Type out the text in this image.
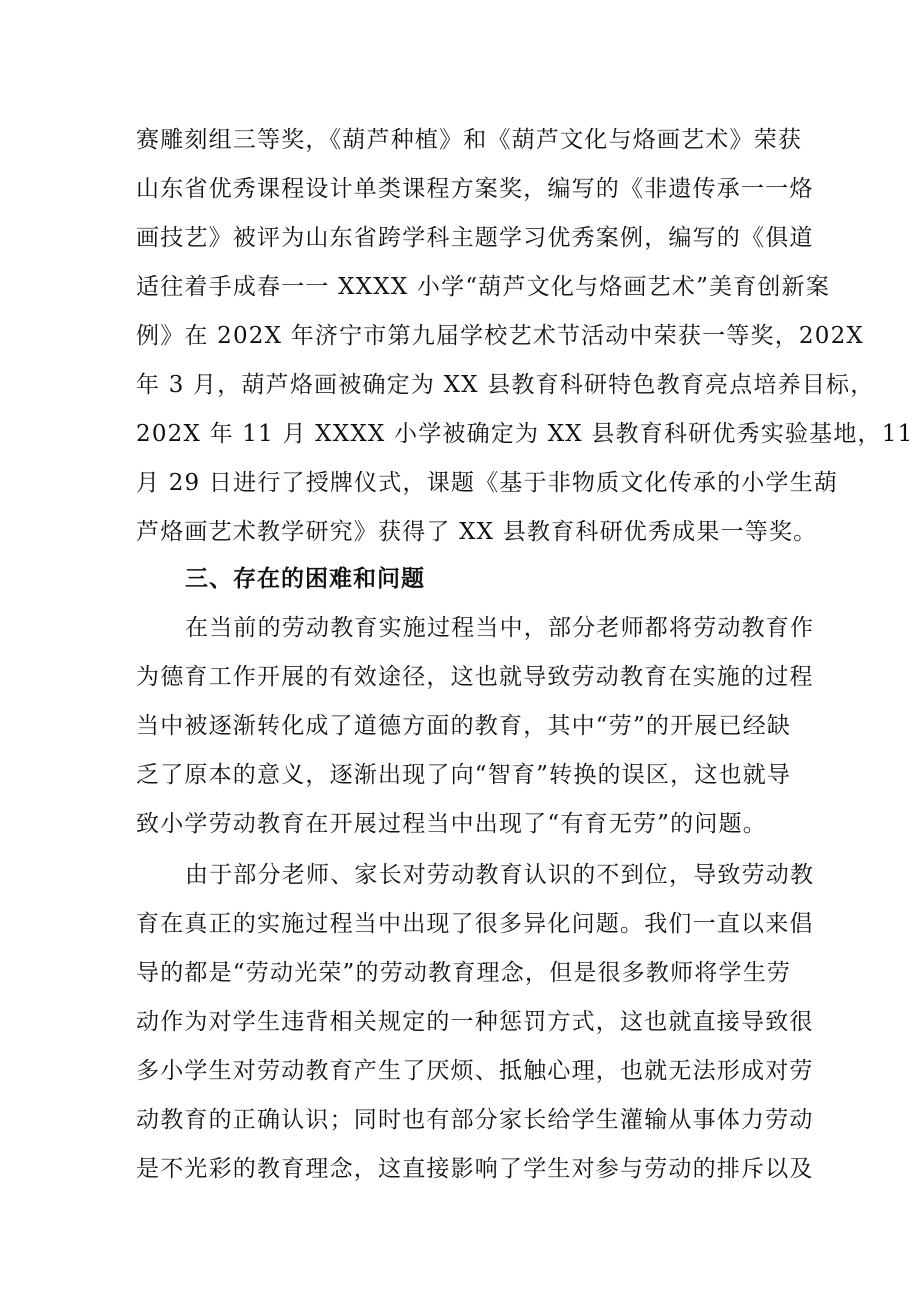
赛雕刻组三等奖，《葫芦种植》和《葫芦文化与烙画艺术》荣获
山东省优秀课程设计单类课程方案奖，编写的《非遗传承一一烙
画技艺》被评为山东省跨学科主题学习优秀案例，编写的《俱道
适往着手成春一一 XXXX 小学“葫芦文化与烙画艺术”美育创新案
例》在 202X 年济宁市第九届学校艺术节活动中荣获一等奖，202X
年 3 月，葫芦烙画被确定为 XX 县教育科研特色教育亮点培养目标，
202X 年 11 月 XXXX 小学被确定为 XX 县教育科研优秀实验基地，11
月 29 日进行了授牌仪式，课题《基于非物质文化传承的小学生葫
芦烙画艺术教学研究》获得了 XX 县教育科研优秀成果一等奖。
三、存在的困难和问题
在当前的劳动教育实施过程当中，部分老师都将劳动教育作
为德育工作开展的有效途径，这也就导致劳动教育在实施的过程
当中被逐渐转化成了道德方面的教育，其中“劳”的开展已经缺
乏了原本的意义，逐渐出现了向“智育”转换的误区，这也就导
致小学劳动教育在开展过程当中出现了“有育无劳”的问题。
由于部分老师、家长对劳动教育认识的不到位，导致劳动教
育在真正的实施过程当中出现了很多异化问题。我们一直以来倡
导的都是“劳动光荣”的劳动教育理念，但是很多教师将学生劳
动作为对学生违背相关规定的一种惩罚方式，这也就直接导致很
多小学生对劳动教育产生了厌烦、抵触心理，也就无法形成对劳
动教育的正确认识；同时也有部分家长给学生灌输从事体力劳动
是不光彩的教育理念，这直接影响了学生对参与劳动的排斥以及
